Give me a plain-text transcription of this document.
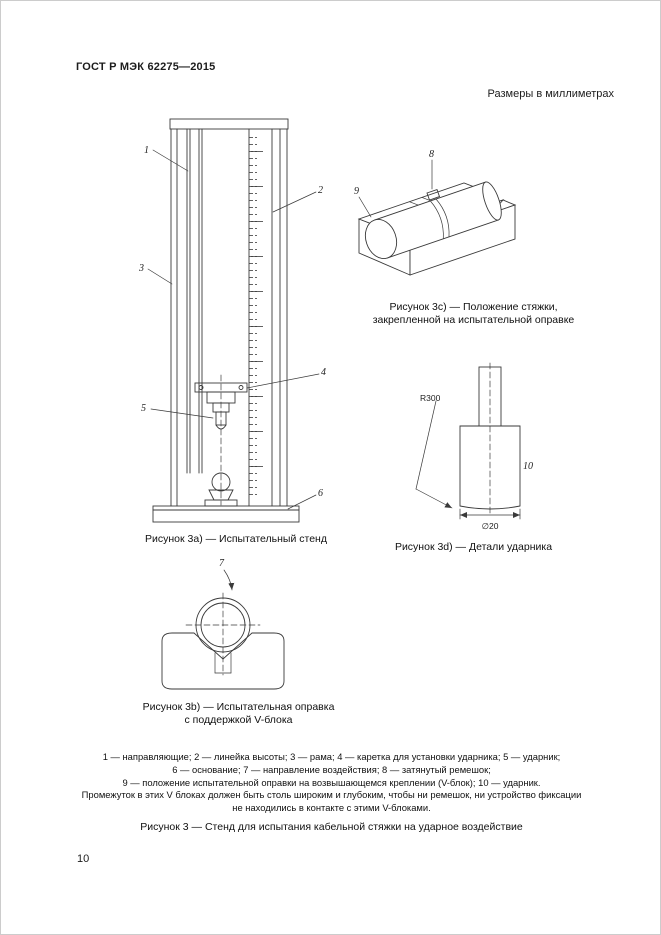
ГОСТ Р МЭК 62275—2015
Размеры в миллиметрах
1
2
3
4
5
6
Рисунок 3а) — Испытательный стенд
8
9
Рисунок 3с) — Положение стяжки,
закрепленной на испытательной оправке
R300
∅20
10
Рисунок 3d) — Детали ударника
7
Рисунок 3b) — Испытательная оправка
с поддержкой V-блока
1 — направляющие; 2 — линейка высоты; 3 — рама; 4 — каретка для установки ударника; 5 — ударник;
6 — основание; 7 — направление воздействия; 8 — затянутый ремешок;
9 — положение испытательной оправки на возвышающемся креплении (V-блок); 10 — ударник.
Промежуток в этих V блоках должен быть столь широким и глубоким, чтобы ни ремешок, ни устройство фиксации
не находились в контакте с этими V-блоками.
Рисунок 3 — Стенд для испытания кабельной стяжки на ударное воздействие
10
